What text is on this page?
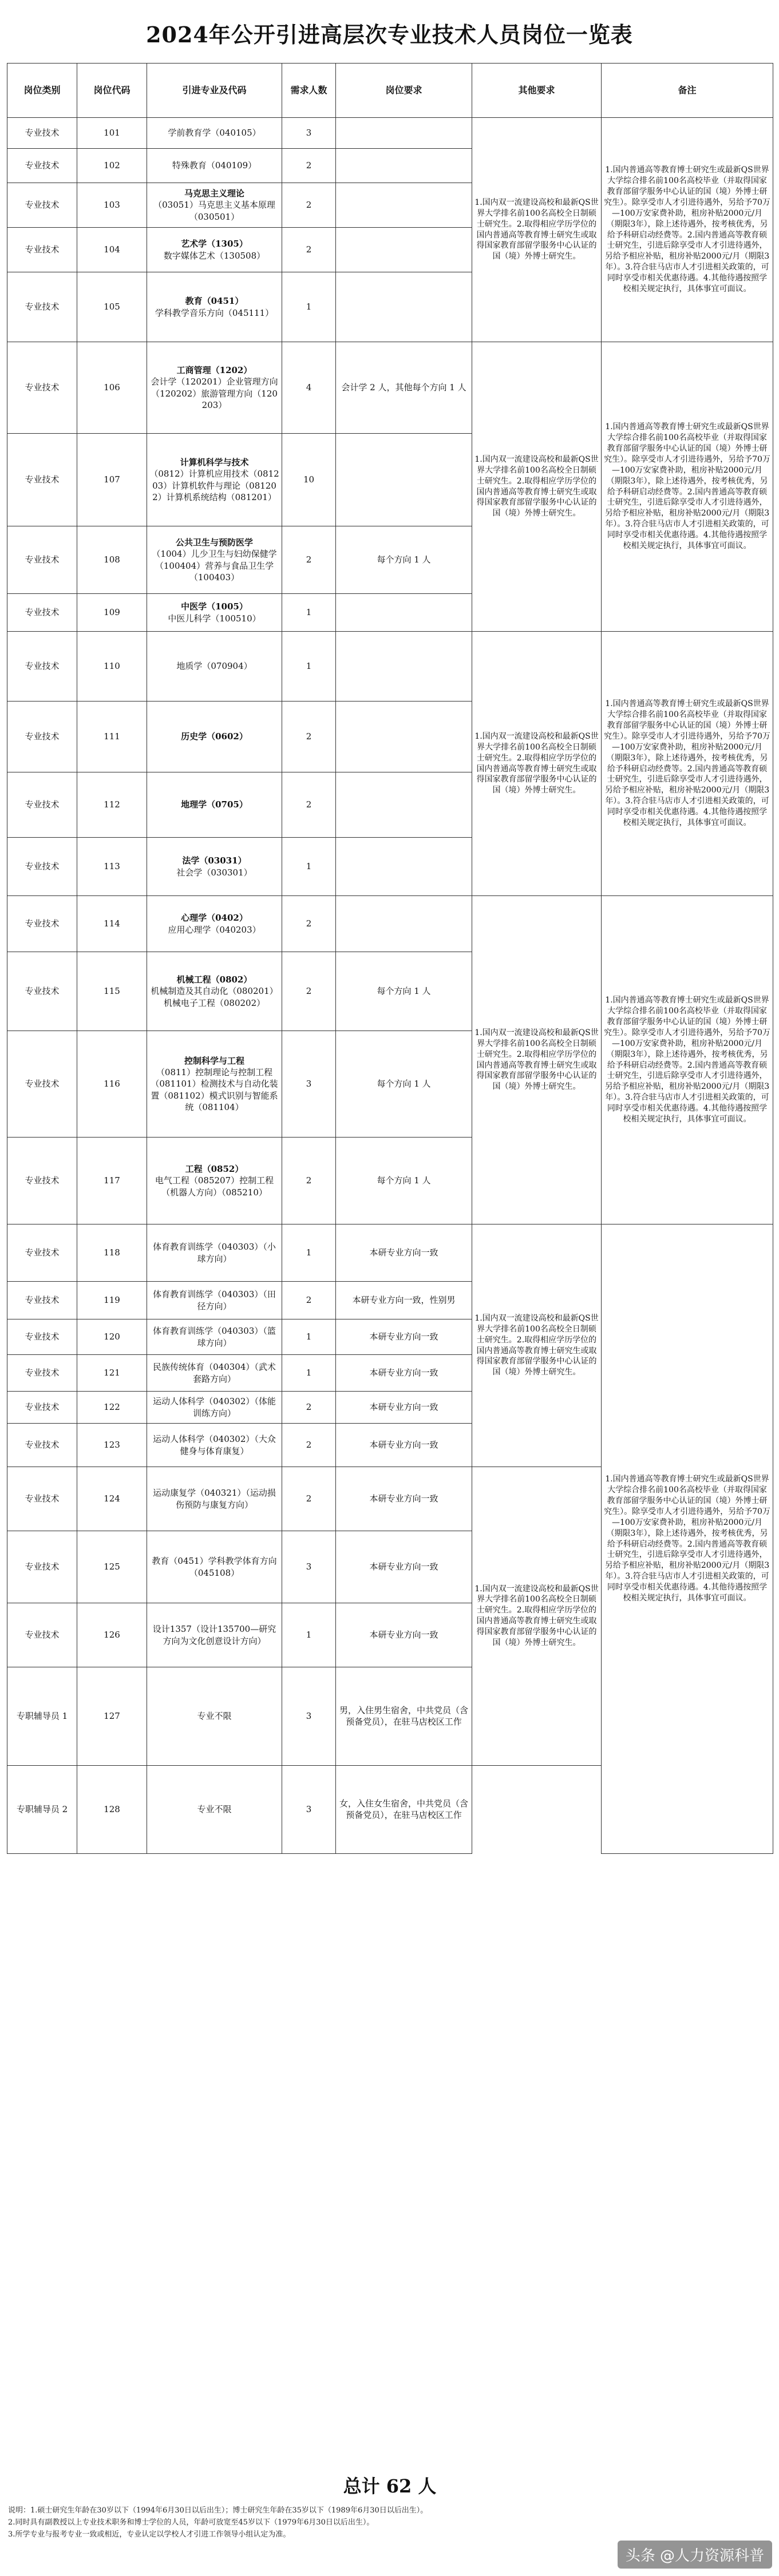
2024年公开引进高层次专业技术人员岗位一览表
岗位类别	岗位代码	引进专业及代码	需求人数	岗位要求	其他要求	备注	
专业技术	101	学前教育学（040105）	3		1.国内双一流建设高校和最新QS世界大学排名前100名高校全日制硕士研究生。2.取得相应学历学位的国内普通高等教育博士研究生或取得国家教育部留学服务中心认证的国（境）外博士研究生。	1.国内普通高等教育博士研究生或最新QS世界大学综合排名前100名高校毕业（并取得国家教育部留学服务中心认证的国（境）外博士研究生）。除享受市人才引进待遇外，另给予70万—100万安家费补助，租房补贴2000元/月（期限3年），除上述待遇外，按考核优秀，另给予科研启动经费等。2.国内普通高等教育硕士研究生，引进后除享受市人才引进待遇外，另给予相应补贴，租房补贴2000元/月（期限3年）。3.符合驻马店市人才引进相关政策的，可同时享受市相关优惠待遇。4.其他待遇按照学校相关规定执行，具体事宜可面议。	
专业技术	102	特殊教育（040109）	2				
专业技术	103	马克思主义理论
（03051）马克思主义基本原理（030501）	2				
专业技术	104	艺术学（1305）
数字媒体艺术（130508）	2				
专业技术	105	教育（0451）
学科教学音乐方向（045111）	1				
专业技术	106	工商管理（1202）
会计学（120201）企业管理方向（120202）旅游管理方向（120203）	4	会计学 2 人，其他每个方向 1 人	1.国内双一流建设高校和最新QS世界大学排名前100名高校全日制硕士研究生。2.取得相应学历学位的国内普通高等教育博士研究生或取得国家教育部留学服务中心认证的国（境）外博士研究生。	1.国内普通高等教育博士研究生或最新QS世界大学综合排名前100名高校毕业（并取得国家教育部留学服务中心认证的国（境）外博士研究生）。除享受市人才引进待遇外，另给予70万—100万安家费补助，租房补贴2000元/月（期限3年），除上述待遇外，按考核优秀，另给予科研启动经费等。2.国内普通高等教育硕士研究生，引进后除享受市人才引进待遇外，另给予相应补贴，租房补贴2000元/月（期限3年）。3.符合驻马店市人才引进相关政策的，可同时享受市相关优惠待遇。4.其他待遇按照学校相关规定执行，具体事宜可面议。	
专业技术	107	计算机科学与技术
（0812）计算机应用技术（081203）计算机软件与理论（081202）计算机系统结构（081201）	10				
专业技术	108	公共卫生与预防医学
（1004）儿少卫生与妇幼保健学（100404）营养与食品卫生学（100403）	2	每个方向 1 人			
专业技术	109	中医学（1005）
中医儿科学（100510）	1				
专业技术	110	地质学（070904）	1		1.国内双一流建设高校和最新QS世界大学排名前100名高校全日制硕士研究生。2.取得相应学历学位的国内普通高等教育博士研究生或取得国家教育部留学服务中心认证的国（境）外博士研究生。	1.国内普通高等教育博士研究生或最新QS世界大学综合排名前100名高校毕业（并取得国家教育部留学服务中心认证的国（境）外博士研究生）。除享受市人才引进待遇外，另给予70万—100万安家费补助，租房补贴2000元/月（期限3年），除上述待遇外，按考核优秀，另给予科研启动经费等。2.国内普通高等教育硕士研究生，引进后除享受市人才引进待遇外，另给予相应补贴，租房补贴2000元/月（期限3年）。3.符合驻马店市人才引进相关政策的，可同时享受市相关优惠待遇。4.其他待遇按照学校相关规定执行，具体事宜可面议。	
专业技术	111	历史学（0602）	2				
专业技术	112	地理学（0705）	2				
专业技术	113	法学（03031）
社会学（030301）	1				
专业技术	114	心理学（0402）
应用心理学（040203）	2		1.国内双一流建设高校和最新QS世界大学排名前100名高校全日制硕士研究生。2.取得相应学历学位的国内普通高等教育博士研究生或取得国家教育部留学服务中心认证的国（境）外博士研究生。	1.国内普通高等教育博士研究生或最新QS世界大学综合排名前100名高校毕业（并取得国家教育部留学服务中心认证的国（境）外博士研究生）。除享受市人才引进待遇外，另给予70万—100万安家费补助，租房补贴2000元/月（期限3年），除上述待遇外，按考核优秀，另给予科研启动经费等。2.国内普通高等教育硕士研究生，引进后除享受市人才引进待遇外，另给予相应补贴，租房补贴2000元/月（期限3年）。3.符合驻马店市人才引进相关政策的，可同时享受市相关优惠待遇。4.其他待遇按照学校相关规定执行，具体事宜可面议。	
专业技术	115	机械工程（0802）
机械制造及其自动化（080201）机械电子工程（080202）	2	每个方向 1 人			
专业技术	116	控制科学与工程
（0811）控制理论与控制工程（081101）检测技术与自动化装置（081102）模式识别与智能系统（081104）	3	每个方向 1 人			
专业技术	117	工程（0852）
电气工程（085207）控制工程（机器人方向）（085210）	2	每个方向 1 人			
专业技术	118	体育教育训练学（040303）（小球方向）	1	本研专业方向一致	1.国内双一流建设高校和最新QS世界大学排名前100名高校全日制硕士研究生。2.取得相应学历学位的国内普通高等教育博士研究生或取得国家教育部留学服务中心认证的国（境）外博士研究生。	1.国内普通高等教育博士研究生或最新QS世界大学综合排名前100名高校毕业（并取得国家教育部留学服务中心认证的国（境）外博士研究生）。除享受市人才引进待遇外，另给予70万—100万安家费补助，租房补贴2000元/月（期限3年），除上述待遇外，按考核优秀，另给予科研启动经费等。2.国内普通高等教育硕士研究生，引进后除享受市人才引进待遇外，另给予相应补贴，租房补贴2000元/月（期限3年）。3.符合驻马店市人才引进相关政策的，可同时享受市相关优惠待遇。4.其他待遇按照学校相关规定执行，具体事宜可面议。	
专业技术	119	体育教育训练学（040303）（田径方向）	2	本研专业方向一致，性别男			
专业技术	120	体育教育训练学（040303）（篮球方向）	1	本研专业方向一致			
专业技术	121	民族传统体育（040304）（武术套路方向）	1	本研专业方向一致			
专业技术	122	运动人体科学（040302）（体能训练方向）	2	本研专业方向一致			
专业技术	123	运动人体科学（040302）（大众健身与体育康复）	2	本研专业方向一致			
专业技术	124	运动康复学（040321）（运动损伤预防与康复方向）	2	本研专业方向一致	1.国内双一流建设高校和最新QS世界大学排名前100名高校全日制硕士研究生。2.取得相应学历学位的国内普通高等教育博士研究生或取得国家教育部留学服务中心认证的国（境）外博士研究生。		
专业技术	125	教育（0451）学科教学体育方向（045108）	3	本研专业方向一致			
专业技术	126	设计1357（设计135700—研究方向为文化创意设计方向）	1	本研专业方向一致			
专职辅导员 1	127	专业不限	3	男，入住男生宿舍，中共党员（含预备党员），在驻马店校区工作	
专职辅导员 2	128	专业不限	3	女，入住女生宿舍，中共党员（含预备党员），在驻马店校区工作			
总计 62 人
说明：1.硕士研究生年龄在30岁以下（1994年6月30日以后出生）；博士研究生年龄在35岁以下（1989年6月30日以后出生）。
2.同时具有副教授以上专业技术职务和博士学位的人员，年龄可放宽至45岁以下（1979年6月30日以后出生）。
3.所学专业与报考专业一致或相近，专业认定以学校人才引进工作领导小组认定为准。
头条 @人力资源科普
